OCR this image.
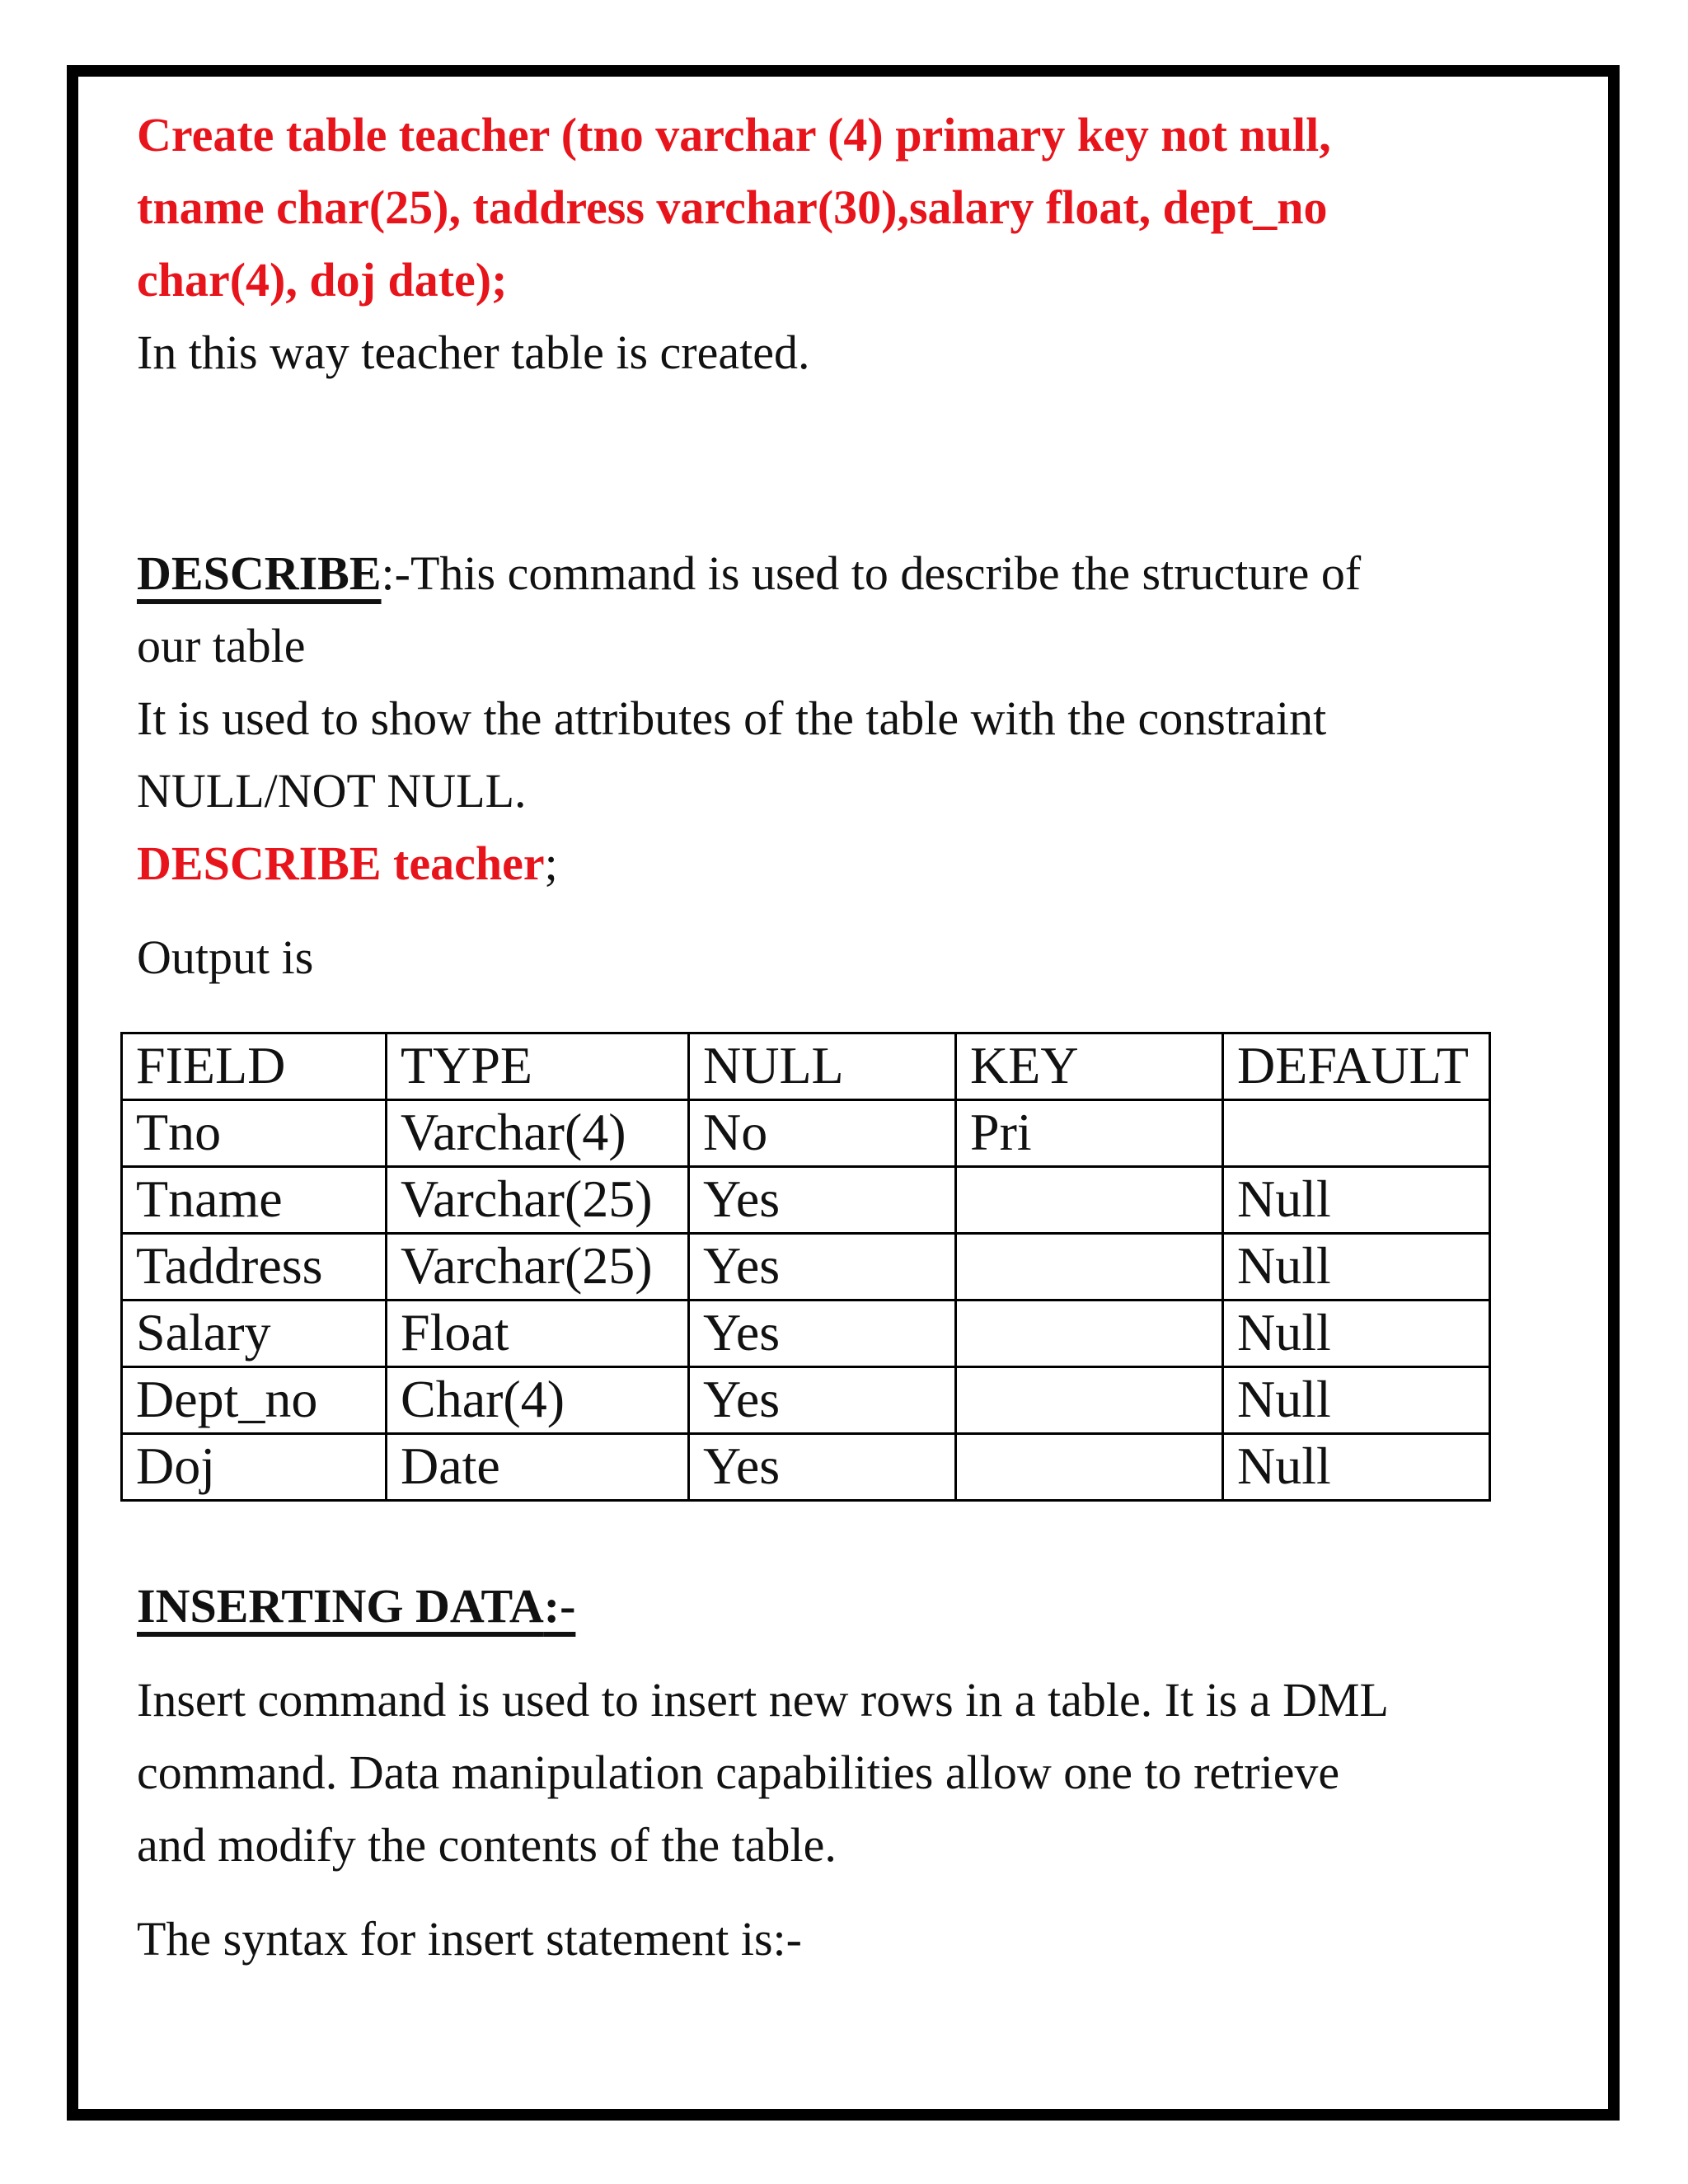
Create table teacher (tno varchar (4) primary key not null,
tname char(25), taddress varchar(30),salary float, dept_no
char(4), doj date);
In this way teacher table is created.
DESCRIBE:-This command is used to describe the structure of
our table
It is used to show the attributes of the table with the constraint
NULL/NOT NULL.
DESCRIBE teacher;
Output is
FIELD	TYPE	NULL	KEY	DEFAULT
Tno	Varchar(4)	No	Pri	
Tname	Varchar(25)	Yes		Null
Taddress	Varchar(25)	Yes		Null
Salary	Float	Yes		Null
Dept_no	Char(4)	Yes		Null
Doj	Date	Yes		Null
INSERTING DATA:-
Insert command is used to insert new rows in a table. It is a DML
command. Data manipulation capabilities allow one to retrieve
and modify the contents of the table.
The syntax for insert statement is:-
